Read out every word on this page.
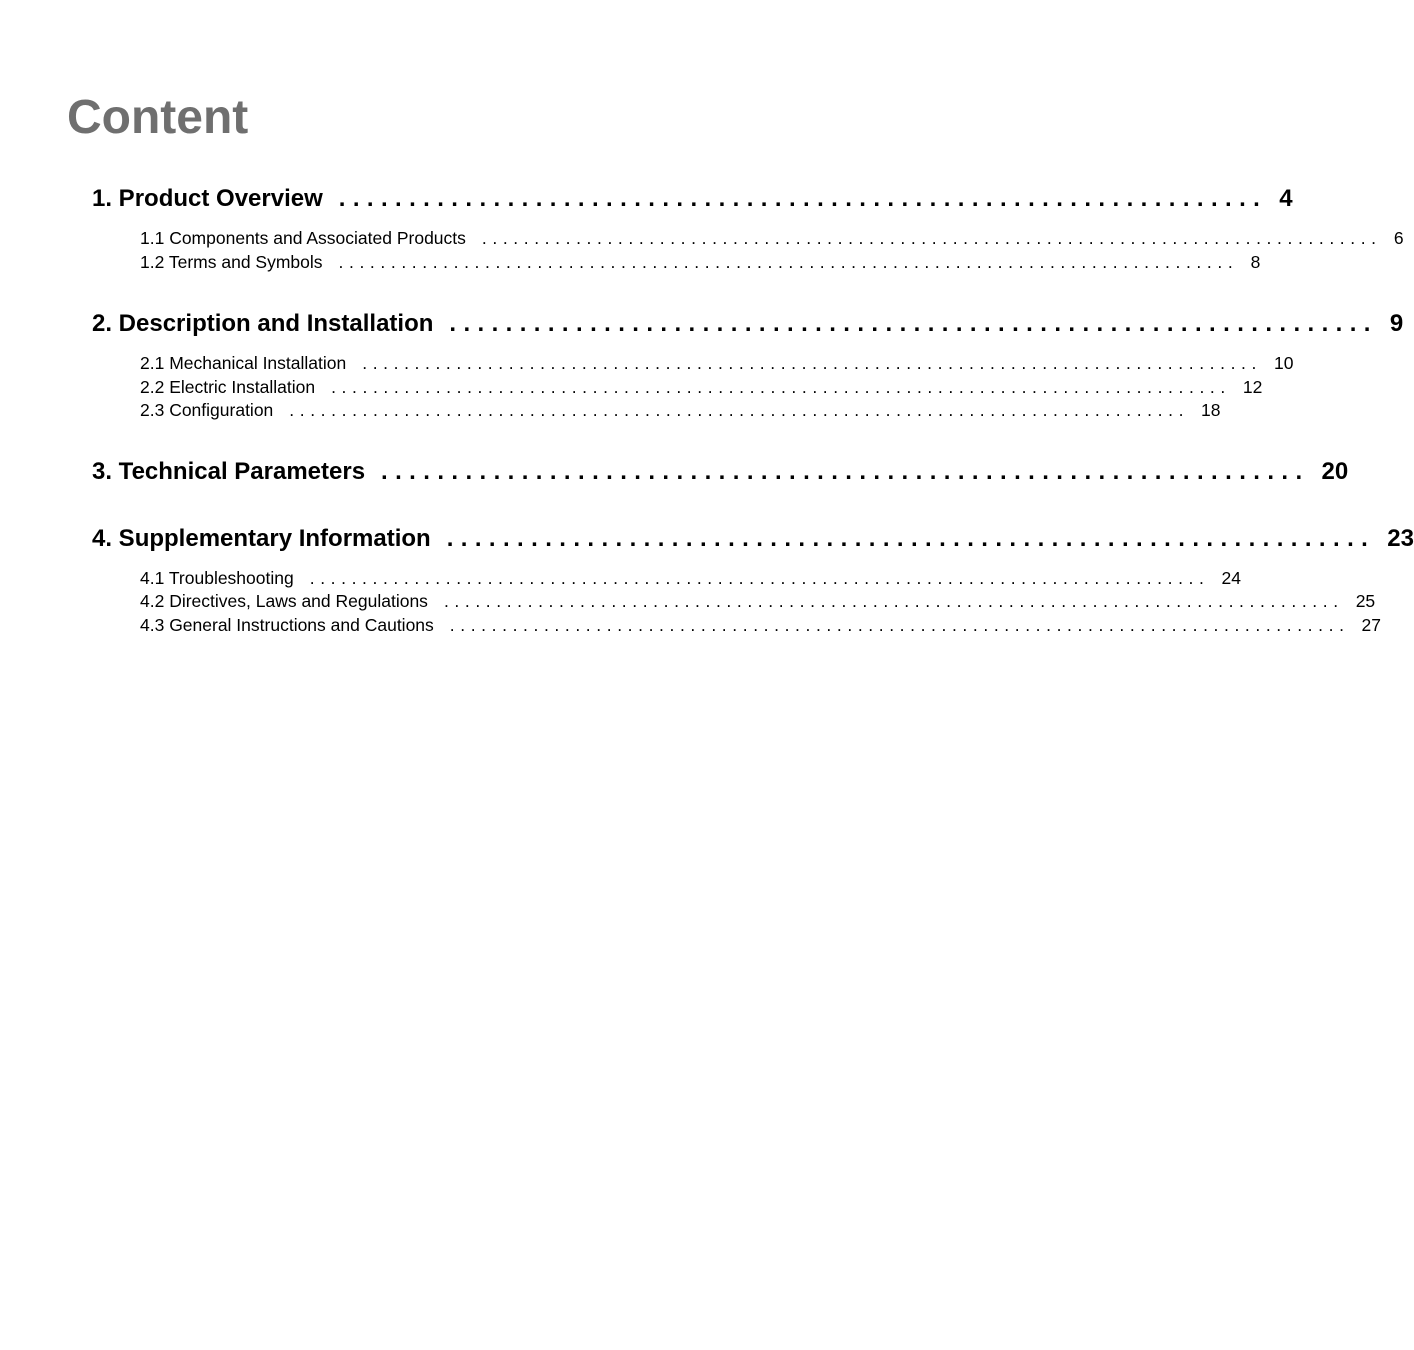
Content
1. Product Overview .................................................................. 4
1.1 Components and Associated Products ...................................................................................... 6
1.2 Terms and Symbols ...................................................................................... 8
2. Description and Installation .................................................................. 9
2.1 Mechanical Installation ...................................................................................... 10
2.2 Electric Installation ...................................................................................... 12
2.3 Configuration ...................................................................................... 18
3. Technical Parameters .................................................................. 20
4. Supplementary Information .................................................................. 23
4.1 Troubleshooting ...................................................................................... 24
4.2 Directives, Laws and Regulations ...................................................................................... 25
4.3 General Instructions and Cautions ...................................................................................... 27
